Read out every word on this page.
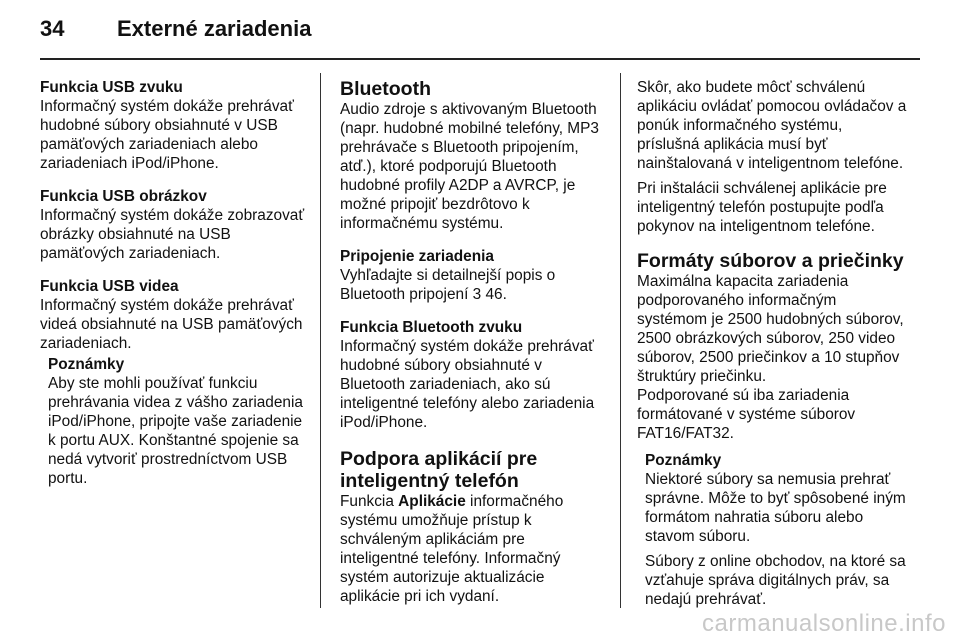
34 Externé zariadenia

Funkcia USB zvuku

Informačný systém dokáže prehrávať hudobné súbory obsiahnuté v USB pamäťových zariadeniach alebo zariadeniach iPod/iPhone.

Funkcia USB obrázkov

Informačný systém dokáže zobrazovať obrázky obsiahnuté na USB pamäťových zariadeniach.

Funkcia USB videa

Informačný systém dokáže prehrávať videá obsiahnuté na USB pamäťových zariadeniach.

Poznámky

Aby ste mohli používať funkciu prehrávania videa z vášho zariadenia iPod/iPhone, pripojte vaše zariadenie k portu AUX. Konštantné spojenie sa nedá vytvoriť prostredníctvom USB portu.

Bluetooth

Audio zdroje s aktivovaným Bluetooth (napr. hudobné mobilné telefóny, MP3 prehrávače s Bluetooth pripojením, atď.), ktoré podporujú Bluetooth hudobné profily A2DP a AVRCP, je možné pripojiť bezdrôtovo k informačnému systému.

Pripojenie zariadenia

Vyhľadajte si detailnejší popis o Bluetooth pripojení 3 46.

Funkcia Bluetooth zvuku

Informačný systém dokáže prehrávať hudobné súbory obsiahnuté v Bluetooth zariadeniach, ako sú inteligentné telefóny alebo zariadenia iPod/iPhone.

Podpora aplikácií pre

inteligentný telefón

Funkcia Aplikácie informačného systému umožňuje prístup k schváleným aplikáciám pre inteligentné telefóny. Informačný systém autorizuje aktualizácie aplikácie pri ich vydaní.

Skôr, ako budete môcť schválenú aplikáciu ovládať pomocou ovládačov a ponúk informačného systému, príslušná aplikácia musí byť nainštalovaná v inteligentnom telefóne.

Pri inštalácii schválenej aplikácie pre inteligentný telefón postupujte podľa pokynov na inteligentnom telefóne.

Formáty súborov a priečinky

Maximálna kapacita zariadenia podporovaného informačným systémom je 2500 hudobných súborov, 2500 obrázkových súborov, 250 video súborov, 2500 priečinkov a 10 stupňov štruktúry priečinku.

Podporované sú iba zariadenia formátované v systéme súborov FAT16/FAT32.

Poznámky

Niektoré súbory sa nemusia prehrať správne. Môže to byť spôsobené iným formátom nahratia súboru alebo stavom súboru.

Súbory z online obchodov, na ktoré sa vzťahuje správa digitálnych práv, sa nedajú prehrávať.

carmanualsonline.info
